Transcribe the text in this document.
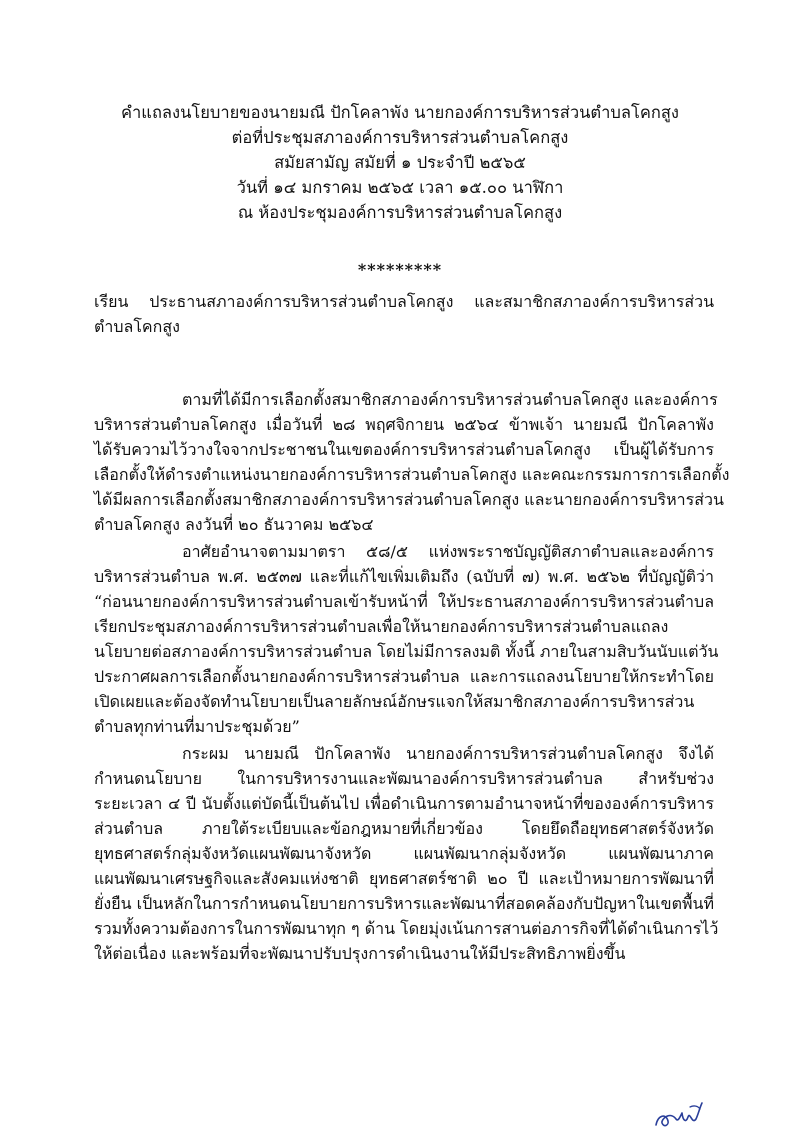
คำแถลงนโยบายของนายมณี ปักโคลาพัง นายกองค์การบริหารส่วนตำบลโคกสูง
ต่อที่ประชุมสภาองค์การบริหารส่วนตำบลโคกสูง
สมัยสามัญ สมัยที่ ๑ ประจำปี ๒๕๖๕
วันที่ ๑๔ มกราคม ๒๕๖๕ เวลา ๑๕.๐๐ นาฬิกา
ณ ห้องประชุมองค์การบริหารส่วนตำบลโคกสูง
*********
เรียน ประธานสภาองค์การบริหารส่วนตำบลโคกสูง และสมาชิกสภาองค์การบริหารส่วน
ตำบลโคกสูง
ตามที่ได้มีการเลือกตั้งสมาชิกสภาองค์การบริหารส่วนตำบลโคกสูง และองค์การ
บริหารส่วนตำบลโคกสูง เมื่อวันที่ ๒๘ พฤศจิกายน ๒๕๖๔ ข้าพเจ้า นายมณี ปักโคลาพัง
ได้รับความไว้วางใจจากประชาชนในเขตองค์การบริหารส่วนตำบลโคกสูง เป็นผู้ได้รับการ
เลือกตั้งให้ดำรงตำแหน่งนายกองค์การบริหารส่วนตำบลโคกสูง และคณะกรรมการการเลือกตั้ง
ได้มีผลการเลือกตั้งสมาชิกสภาองค์การบริหารส่วนตำบลโคกสูง และนายกองค์การบริหารส่วน
ตำบลโคกสูง ลงวันที่ ๒๐ ธันวาคม ๒๕๖๔
อาศัยอำนาจตามมาตรา ๕๘/๕ แห่งพระราชบัญญัติสภาตำบลและองค์การ
บริหารส่วนตำบล พ.ศ. ๒๕๓๗ และที่แก้ไขเพิ่มเติมถึง (ฉบับที่ ๗) พ.ศ. ๒๕๖๒ ที่บัญญัติว่า
“ก่อนนายกองค์การบริหารส่วนตำบลเข้ารับหน้าที่ ให้ประธานสภาองค์การบริหารส่วนตำบล
เรียกประชุมสภาองค์การบริหารส่วนตำบลเพื่อให้นายกองค์การบริหารส่วนตำบลแถลง
นโยบายต่อสภาองค์การบริหารส่วนตำบล โดยไม่มีการลงมติ ทั้งนี้ ภายในสามสิบวันนับแต่วัน
ประกาศผลการเลือกตั้งนายกองค์การบริหารส่วนตำบล และการแถลงนโยบายให้กระทำโดย
เปิดเผยและต้องจัดทำนโยบายเป็นลายลักษณ์อักษรแจกให้สมาชิกสภาองค์การบริหารส่วน
ตำบลทุกท่านที่มาประชุมด้วย”
กระผม นายมณี ปักโคลาพัง นายกองค์การบริหารส่วนตำบลโคกสูง จึงได้
กำหนดนโยบาย ในการบริหารงานและพัฒนาองค์การบริหารส่วนตำบล สำหรับช่วง
ระยะเวลา ๔ ปี นับตั้งแต่บัดนี้เป็นต้นไป เพื่อดำเนินการตามอำนาจหน้าที่ขององค์การบริหาร
ส่วนตำบล ภายใต้ระเบียบและข้อกฎหมายที่เกี่ยวข้อง โดยยึดถือยุทธศาสตร์จังหวัด
ยุทธศาสตร์กลุ่มจังหวัดแผนพัฒนาจังหวัด แผนพัฒนากลุ่มจังหวัด แผนพัฒนาภาค
แผนพัฒนาเศรษฐกิจและสังคมแห่งชาติ ยุทธศาสตร์ชาติ ๒๐ ปี และเป้าหมายการพัฒนาที่
ยั่งยืน เป็นหลักในการกำหนดนโยบายการบริหารและพัฒนาที่สอดคล้องกับปัญหาในเขตพื้นที่
รวมทั้งความต้องการในการพัฒนาทุก ๆ ด้าน โดยมุ่งเน้นการสานต่อภารกิจที่ได้ดำเนินการไว้
ให้ต่อเนื่อง และพร้อมที่จะพัฒนาปรับปรุงการดำเนินงานให้มีประสิทธิภาพยิ่งขึ้น
